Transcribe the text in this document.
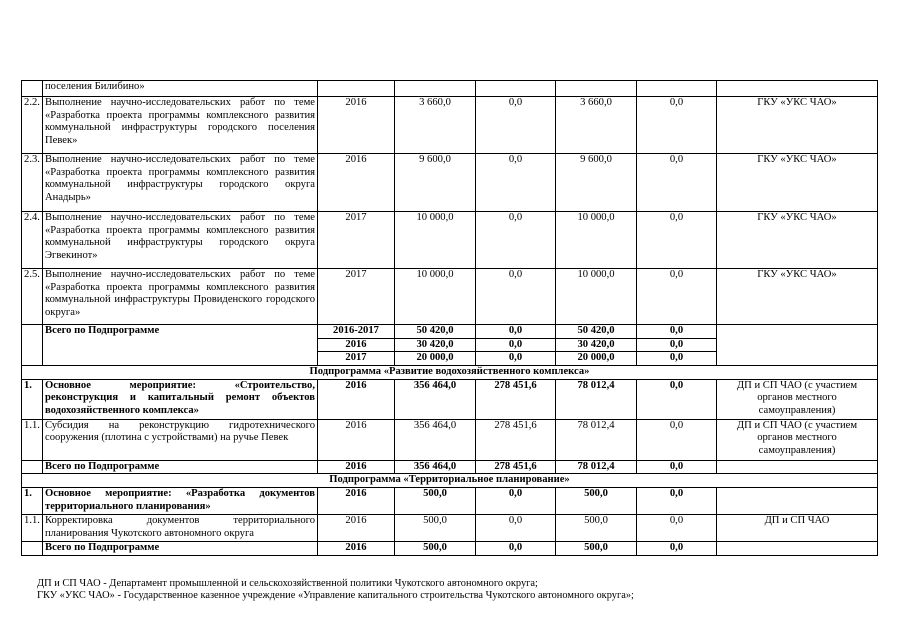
	поселения Билибино»						
2.2.	Выполнение научно-исследовательских работ по теме «Разработка проекта программы комплексного развития коммунальной инфраструктуры городского поселения Певек»	2016	3 660,0	0,0	3 660,0	0,0	ГКУ «УКС ЧАО»
2.3.	Выполнение научно-исследовательских работ по теме «Разработка проекта программы комплексного развития коммунальной инфраструктуры городского округа Анадырь»	2016	9 600,0	0,0	9 600,0	0,0	ГКУ «УКС ЧАО»
2.4.	Выполнение научно-исследовательских работ по теме «Разработка проекта программы комплексного развития коммунальной инфраструктуры городского округа Эгвекинот»	2017	10 000,0	0,0	10 000,0	0,0	ГКУ «УКС ЧАО»
2.5.	Выполнение научно-исследовательских работ по теме «Разработка проекта программы комплексного развития коммунальной инфраструктуры Провиденского городского округа»	2017	10 000,0	0,0	10 000,0	0,0	ГКУ «УКС ЧАО»
	Всего по Подпрограмме	2016-2017	50 420,0	0,0	50 420,0	0,0	
		2016	30 420,0	0,0	30 420,0	0,0	
		2017	20 000,0	0,0	20 000,0	0,0	
Подпрограмма «Развитие водохозяйственного комплекса»							
1.	Основное мероприятие: «Строительство, реконструкция и капитальный ремонт объектов водохозяйственного комплекса»	2016	356 464,0	278 451,6	78 012,4	0,0	ДП и СП ЧАО (с участием органов местного самоуправления)
1.1.	Субсидия на реконструкцию гидротехнического сооружения (плотина с устройствами) на ручье Певек	2016	356 464,0	278 451,6	78 012,4	0,0	ДП и СП ЧАО (с участием органов местного самоуправления)
	Всего по Подпрограмме	2016	356 464,0	278 451,6	78 012,4	0,0	
Подпрограмма «Территориальное планирование»							
1.	Основное мероприятие: «Разработка документов территориального планирования»	2016	500,0	0,0	500,0	0,0	
1.1.	Корректировка документов территориального планирования Чукотского автономного округа	2016	500,0	0,0	500,0	0,0	ДП и СП ЧАО
	Всего по Подпрограмме	2016	500,0	0,0	500,0	0,0	
ДП и СП ЧАО - Департамент промышленной и сельскохозяйственной политики Чукотского автономного округа;
ГКУ «УКС ЧАО» - Государственное казенное учреждение «Управление капитального строительства Чукотского автономного округа»;
